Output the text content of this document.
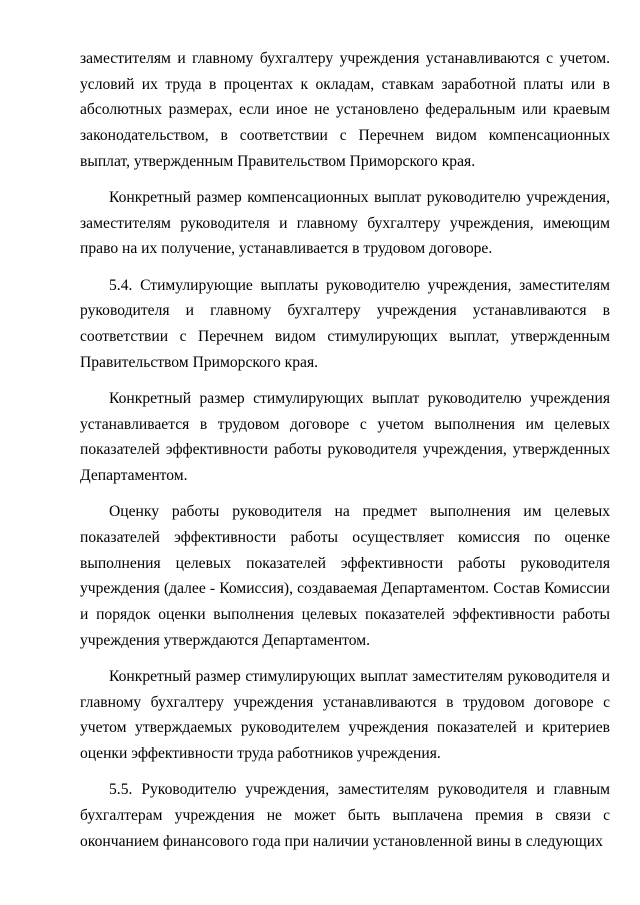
заместителям и главному бухгалтеру учреждения устанавливаются с учетом. условий их труда в процентах к окладам, ставкам заработной платы или в абсолютных размерах, если иное не установлено федеральным или краевым законодательством, в соответствии с Перечнем видом компенсационных выплат, утвержденным Правительством Приморского края.

Конкретный размер компенсационных выплат руководителю учреждения, заместителям руководителя и главному бухгалтеру учреждения, имеющим право на их получение, устанавливается в трудовом договоре.

5.4. Стимулирующие выплаты руководителю учреждения, заместителям руководителя и главному бухгалтеру учреждения устанавливаются в соответствии с Перечнем видом стимулирующих выплат, утвержденным Правительством Приморского края.

Конкретный размер стимулирующих выплат руководителю учреждения устанавливается в трудовом договоре с учетом выполнения им целевых показателей эффективности работы руководителя учреждения, утвержденных Департаментом.

Оценку работы руководителя на предмет выполнения им целевых показателей эффективности работы осуществляет комиссия по оценке выполнения целевых показателей эффективности работы руководителя учреждения (далее - Комиссия), создаваемая Департаментом. Состав Комиссии и порядок оценки выполнения целевых показателей эффективности работы учреждения утверждаются Департаментом.

Конкретный размер стимулирующих выплат заместителям руководителя и главному бухгалтеру учреждения устанавливаются в трудовом договоре с учетом утверждаемых руководителем учреждения показателей и критериев оценки эффективности труда работников учреждения.

5.5. Руководителю учреждения, заместителям руководителя и главным бухгалтерам учреждения не может быть выплачена премия в связи с окончанием финансового года при наличии установленной вины в следующих
